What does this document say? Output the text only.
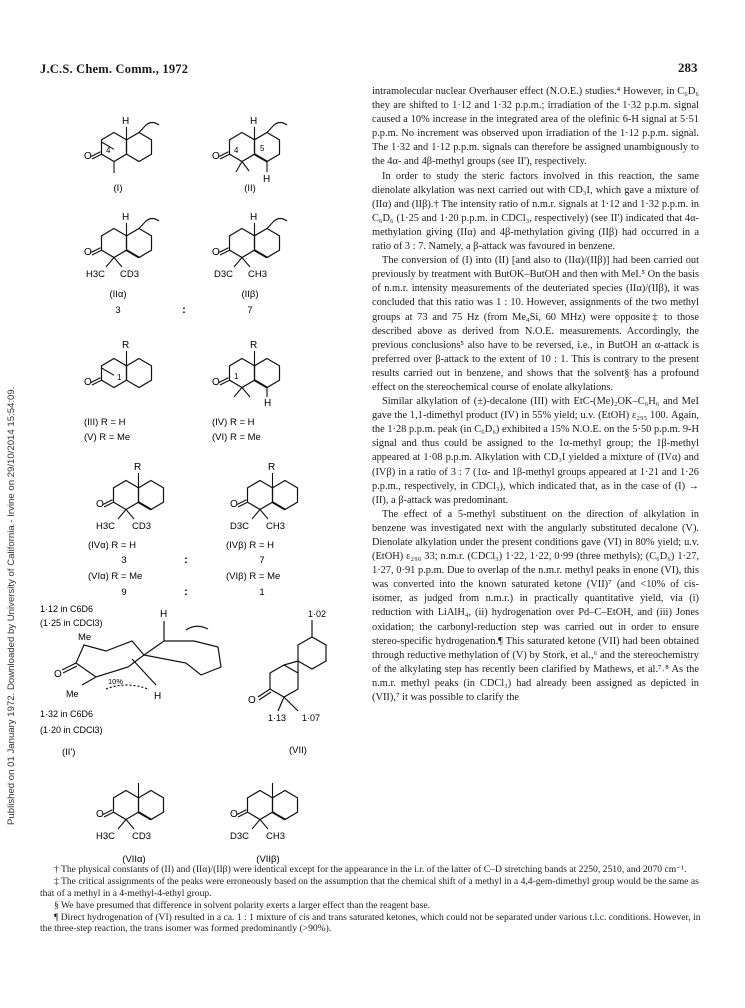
Published on 01 January 1972. Downloaded by University of California - Irvine on 29/10/2014 15:54:09.
J.C.S. Chem. Comm., 1972	283
O
H
4
(I)
O
H
H
4	5
(II)
O
H
H3C CD3
(IIα)
3	:
O
H
D3C CH3
(IIβ)
7
O
R
1
(III) R = H
(V) R = Me
O
R
H
1
(IV) R = H
(VI) R = Me
O
R
H3C CD3
(IVα) R = H
3	:
(VIα) R = Me
9	:
O
R
D3C CH3
(IVβ) R = H
7
(VIβ) R = Me
1
1·12 in C6D6
(1·25 in CDCl3)
Me
O
H
Me
10%
H
1·32 in C6D6
(1·20 in CDCl3)
(II')
1·02
O
1·13 1·07
(VII)
O
H3C CD3
(VIIα)
O
D3C CH3
(VIIβ)

intramolecular nuclear Overhauser effect (N.O.E.) studies.⁴ However, in C₆D₆ they are shifted to 1·12 and 1·32 p.p.m.; irradiation of the 1·32 p.p.m. signal caused a 10% increase in the integrated area of the olefinic 6-H signal at 5·51 p.p.m. No increment was observed upon irradiation of the 1·12 p.p.m. signal. The 1·32 and 1·12 p.p.m. signals can therefore be assigned unambiguously to the 4α- and 4β-methyl groups (see II'), respectively.

In order to study the steric factors involved in this reaction, the same dienolate alkylation was next carried out with CD₃I, which gave a mixture of (IIα) and (IIβ).† The intensity ratio of n.m.r. signals at 1·12 and 1·32 p.p.m. in C₆D₆ (1·25 and 1·20 p.p.m. in CDCl₃, respectively) (see II') indicated that 4α-methylation giving (IIα) and 4β-methylation giving (IIβ) had occurred in a ratio of 3 : 7. Namely, a β-attack was favoured in benzene.

The conversion of (I) into (II) [and also to (IIα)/(IIβ)] had been carried out previously by treatment with ButOK–ButOH and then with MeI.⁵ On the basis of n.m.r. intensity measurements of the deuteriated species (IIα)/(IIβ), it was concluded that this ratio was 1 : 10. However, assignments of the two methyl groups at 73 and 75 Hz (from Me₄Si, 60 MHz) were opposite‡ to those described above as derived from N.O.E. measurements. Accordingly, the previous conclusions⁵ also have to be reversed, i.e., in ButOH an α-attack is preferred over β-attack to the extent of 10 : 1. This is contrary to the present results carried out in benzene, and shows that the solvent§ has a profound effect on the stereochemical course of enolate alkylations.

Similar alkylation of (±)-decalone (III) with EtC-(Me)₂OK–C₆H₆ and MeI gave the 1,1-dimethyl product (IV) in 55% yield; u.v. (EtOH) ε₂₉₅ 100. Again, the 1·28 p.p.m. peak (in C₆D₆) exhibited a 15% N.O.E. on the 5·50 p.p.m. 9-H signal and thus could be assigned to the 1α-methyl group; the 1β-methyl appeared at 1·08 p.p.m. Alkylation with CD₃I yielded a mixture of (IVα) and (IVβ) in a ratio of 3 : 7 (1α- and 1β-methyl groups appeared at 1·21 and 1·26 p.p.m., respectively, in CDCl₃), which indicated that, as in the case of (I) → (II), a β-attack was predominant.

The effect of a 5-methyl substituent on the direction of alkylation in benzene was investigated next with the angularly substituted decalone (V). Dienolate alkylation under the present conditions gave (VI) in 80% yield; u.v. (EtOH) ε₂₉₀ 33; n.m.r. (CDCl₃) 1·22, 1·22, 0·99 (three methyls); (C₆D₆) 1·27, 1·27, 0·91 p.p.m. Due to overlap of the n.m.r. methyl peaks in enone (VI), this was converted into the known saturated ketone (VII)⁷ (and <10% of cis-isomer, as judged from n.m.r.) in practically quantitative yield, via (i) reduction with LiAlH₄, (ii) hydrogenation over Pd–C–EtOH, and (iii) Jones oxidation; the carbonyl-reduction step was carried out in order to ensure stereo-specific hydrogenation.¶ This saturated ketone (VII) had been obtained through reductive methylation of (V) by Stork, et al.,⁶ and the stereochemistry of the alkylating step has recently been clarified by Mathews, et al.⁷˒⁸ As the n.m.r. methyl peaks (in CDCl₃) had already been assigned as depicted in (VII),⁷ it was possible to clarify the

† The physical constants of (II) and (IIα)/(IIβ) were identical except for the appearance in the i.r. of the latter of C–D stretching bands at 2250, 2510, and 2070 cm⁻¹.

‡ The critical assignments of the peaks were erroneously based on the assumption that the chemical shift of a methyl in a 4,4-gem-dimethyl group would be the same as that of a methyl in a 4-methyl-4-ethyl group.

§ We have presumed that difference in solvent polarity exerts a larger effect than the reagent base.

¶ Direct hydrogenation of (VI) resulted in a ca. 1 : 1 mixture of cis and trans saturated ketones, which could not be separated under various t.l.c. conditions. However, in the three-step reaction, the trans isomer was formed predominantly (>90%).
